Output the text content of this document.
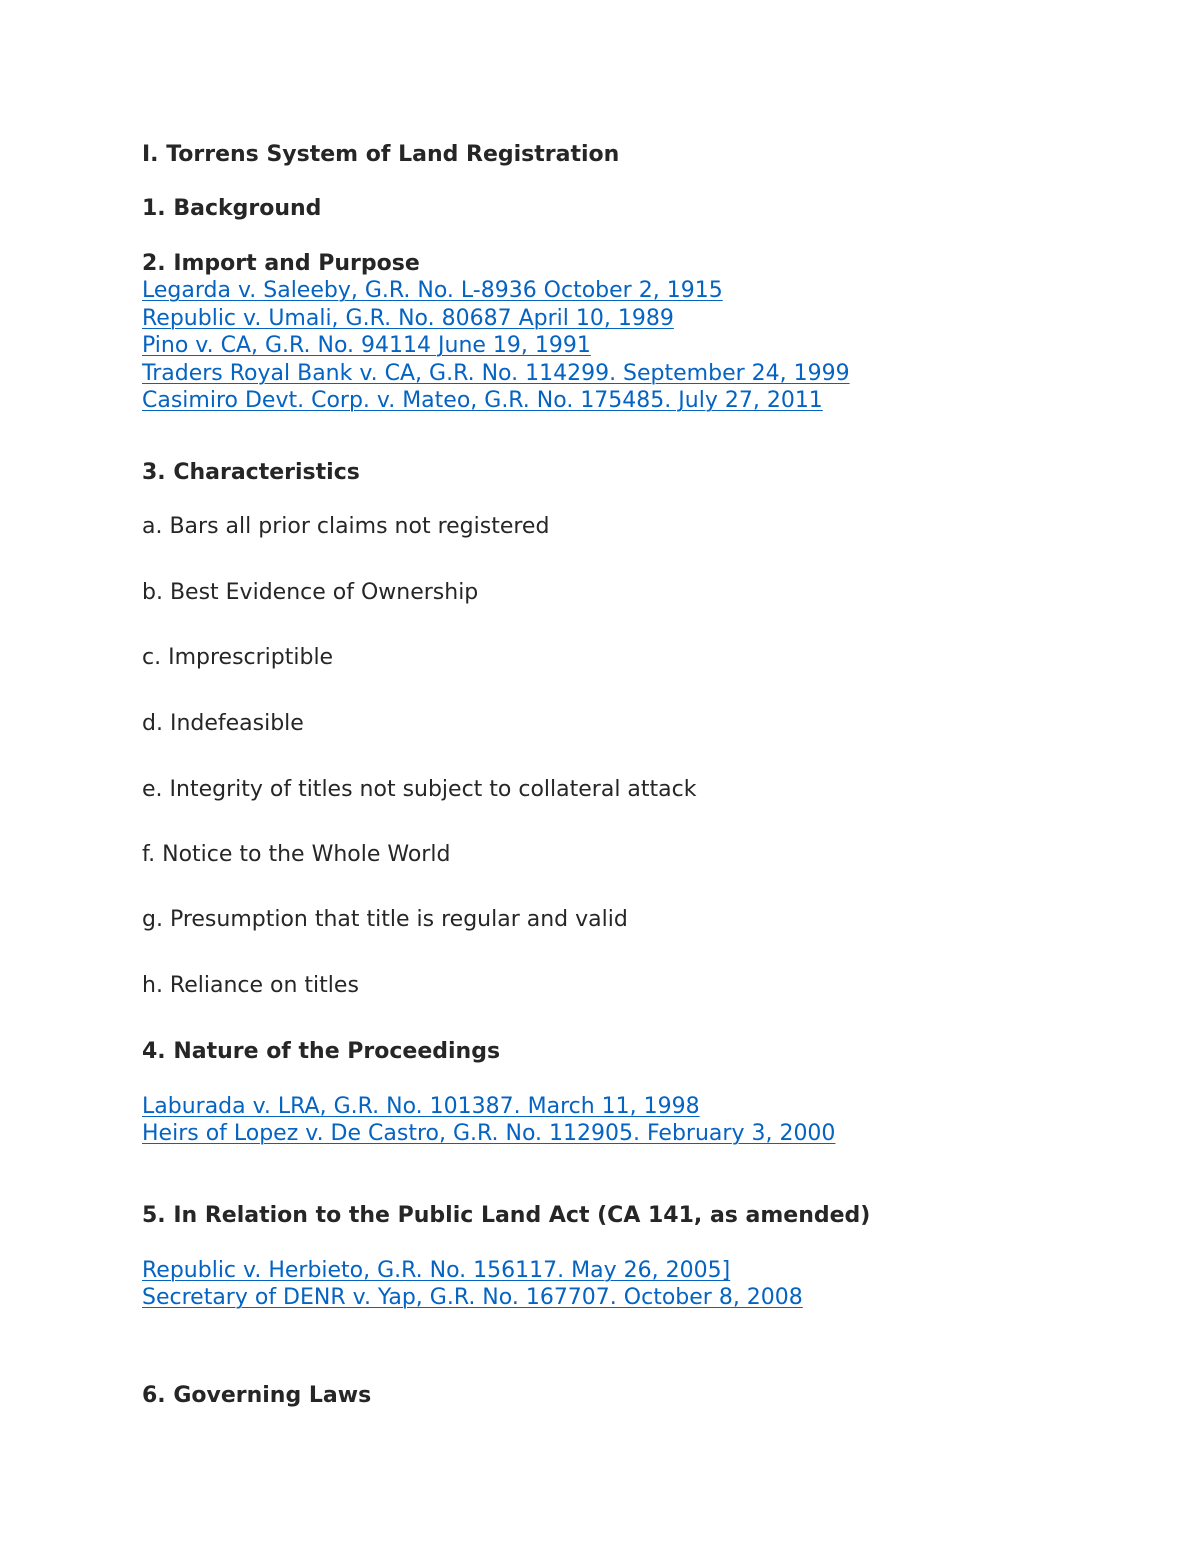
I. Torrens System of Land Registration
1. Background
2. Import and Purpose
Legarda v. Saleeby, G.R. No. L-8936 October 2, 1915
Republic v. Umali, G.R. No. 80687 April 10, 1989
Pino v. CA, G.R. No. 94114 June 19, 1991
Traders Royal Bank v. CA, G.R. No. 114299. September 24, 1999
Casimiro Devt. Corp. v. Mateo, G.R. No. 175485. July 27, 2011
3. Characteristics
a. Bars all prior claims not registered
b. Best Evidence of Ownership
c. Imprescriptible
d. Indefeasible
e. Integrity of titles not subject to collateral attack
f. Notice to the Whole World
g. Presumption that title is regular and valid
h. Reliance on titles
4. Nature of the Proceedings
Laburada v. LRA, G.R. No. 101387. March 11, 1998
Heirs of Lopez v. De Castro, G.R. No. 112905. February 3, 2000
5. In Relation to the Public Land Act (CA 141, as amended)
Republic v. Herbieto, G.R. No. 156117. May 26, 2005]
Secretary of DENR v. Yap, G.R. No. 167707. October 8, 2008
6. Governing Laws
